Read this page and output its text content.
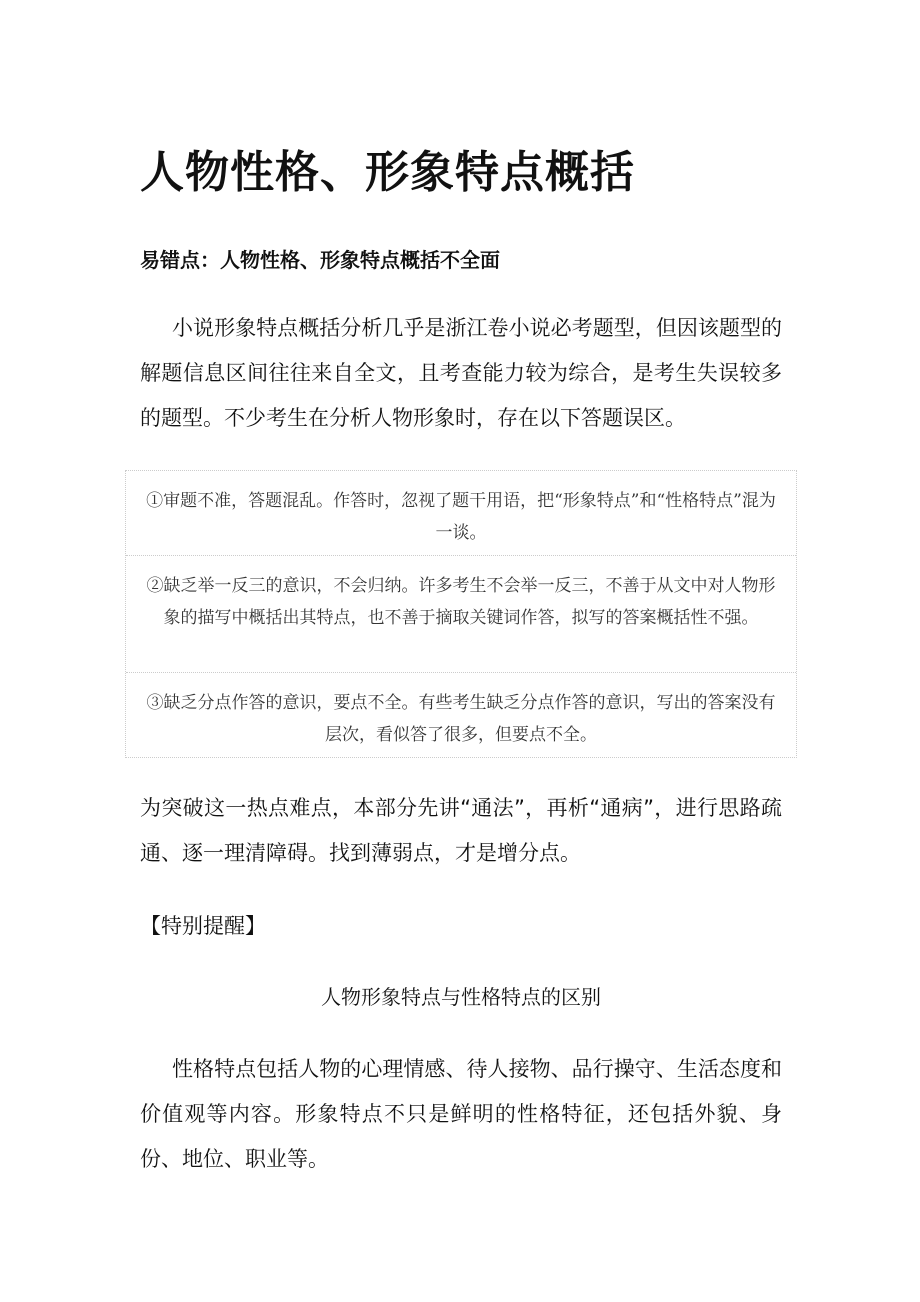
人物性格、形象特点概括
易错点：人物性格、形象特点概括不全面

小说形象特点概括分析几乎是浙江卷小说必考题型，但因该题型的解题信息区间往往来自全文，且考查能力较为综合，是考生失误较多的题型。不少考生在分析人物形象时，存在以下答题误区。

①审题不准，答题混乱。作答时，忽视了题干用语，把“形象特点”和“性格特点”混为一谈。
②缺乏举一反三的意识，不会归纳。许多考生不会举一反三，不善于从文中对人物形象的描写中概括出其特点，也不善于摘取关键词作答，拟写的答案概括性不强。
③缺乏分点作答的意识，要点不全。有些考生缺乏分点作答的意识，写出的答案没有层次，看似答了很多，但要点不全。

为突破这一热点难点，本部分先讲“通法”，再析“通病”，进行思路疏通、逐一理清障碍。找到薄弱点，才是增分点。

【特别提醒】

人物形象特点与性格特点的区别

性格特点包括人物的心理情感、待人接物、品行操守、生活态度和价值观等内容。形象特点不只是鲜明的性格特征，还包括外貌、身份、地位、职业等。
